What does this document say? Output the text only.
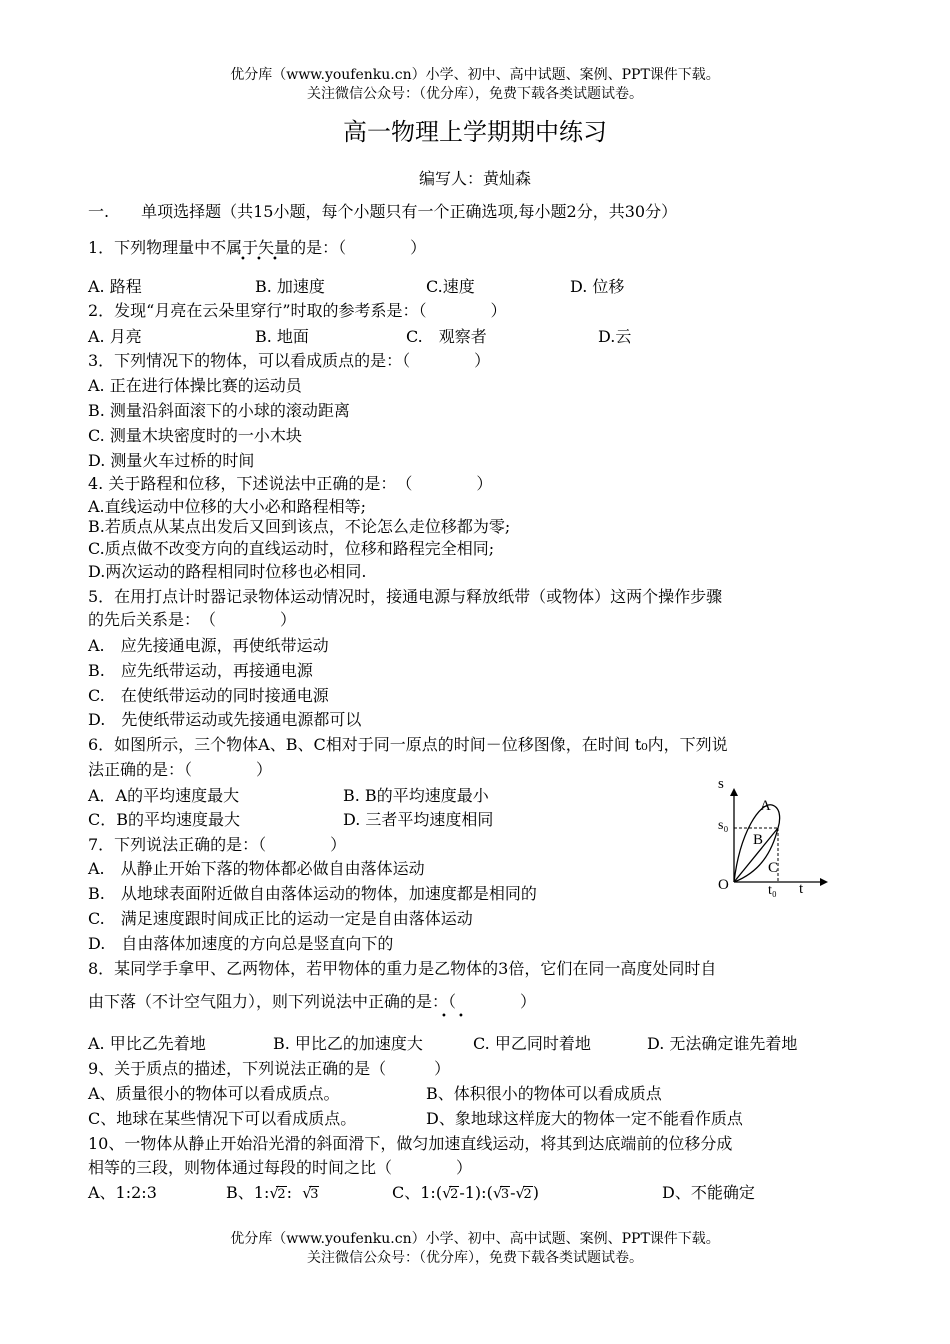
优分库（www.youfenku.cn）小学、初中、高中试题、案例、PPT课件下载。
关注微信公众号：（优分库），免费下载各类试题试卷。
高一物理上学期期中练习
编写人：黄灿森
一.　　单项选择题（共15小题，每个小题只有一个正确选项,每小题2分，共30分）
1．下列物理量中不属于矢量的是：（　　　　）
• • •
A. 路程	B. 加速度	C.速度	D. 位移
2．发现“月亮在云朵里穿行”时取的参考系是：（　　　　）
A. 月亮	B. 地面	C.　观察者	D.云
3．下列情况下的物体，可以看成质点的是：（　　　　）
A. 正在进行体操比赛的运动员
B. 测量沿斜面滚下的小球的滚动距离
C. 测量木块密度时的一小木块
D. 测量火车过桥的时间
4. 关于路程和位移，下述说法中正确的是：　（　　　　）
A.直线运动中位移的大小必和路程相等;
B.若质点从某点出发后又回到该点，不论怎么走位移都为零;
C.质点做不改变方向的直线运动时，位移和路程完全相同;
D.两次运动的路程相同时位移也必相同.
5．在用打点计时器记录物体运动情况时，接通电源与释放纸带（或物体）这两个操作步骤
的先后关系是：　（　　　　）
A.　应先接通电源，再使纸带运动
B.　应先纸带运动，再接通电源
C.　在使纸带运动的同时接通电源
D.　先使纸带运动或先接通电源都可以
6．如图所示，三个物体A、B、C相对于同一原点的时间－位移图像，在时间 t₀内，下列说
法正确的是：（　　　　）
A．A的平均速度最大	B. B的平均速度最小
C．B的平均速度最大	D. 三者平均速度相同
s
A
B
C
s₀
O	t₀ t
7．下列说法正确的是：（　　　　）
A.　从静止开始下落的物体都必做自由落体运动
B.　从地球表面附近做自由落体运动的物体，加速度都是相同的
C.　满足速度跟时间成正比的运动一定是自由落体运动
D.　自由落体加速度的方向总是竖直向下的
8．某同学手拿甲、乙两物体，若甲物体的重力是乙物体的3倍，它们在同一高度处同时自
由下落（不计空气阻力），则下列说法中正确的是：（　　　　）
• •
A. 甲比乙先着地	B. 甲比乙的加速度大	C. 甲乙同时着地	D. 无法确定谁先着地
9、关于质点的描述，下列说法正确的是（　　　）
A、质量很小的物体可以看成质点。	B、体积很小的物体可以看成质点
C、地球在某些情况下可以看成质点。	D、象地球这样庞大的物体一定不能看作质点
10、一物体从静止开始沿光滑的斜面滑下，做匀加速直线运动，将其到达底端前的位移分成
相等的三段，则物体通过每段的时间之比（　　　　）
A、1:2:3	B、1: √ 2: √ 3	C、1:( √ 2-1):( √ 3- √ 2)	D、不能确定
优分库（www.youfenku.cn）小学、初中、高中试题、案例、PPT课件下载。
关注微信公众号：（优分库），免费下载各类试题试卷。
